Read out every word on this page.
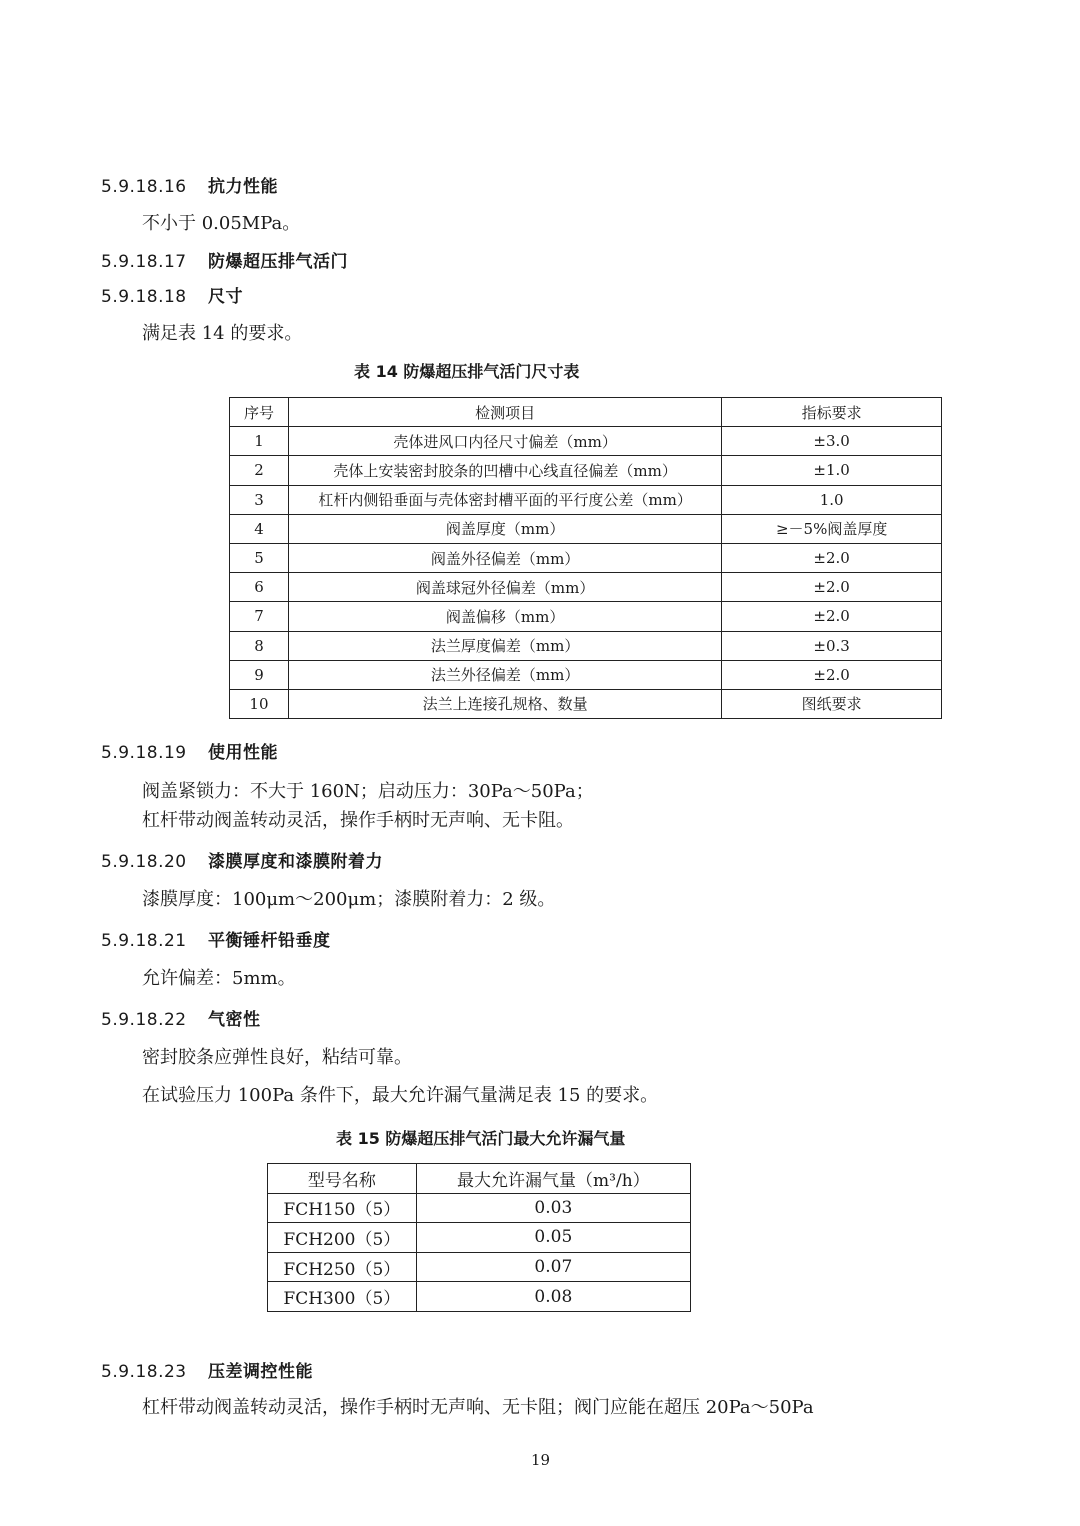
5.9.18.16 抗力性能
不小于 0.05MPa。
5.9.18.17 防爆超压排气活门
5.9.18.18 尺寸
满足表 14 的要求。
表 14 防爆超压排气活门尺寸表
序号	检测项目	指标要求
1	壳体进风口内径尺寸偏差（mm）	±3.0
2	壳体上安装密封胶条的凹槽中心线直径偏差（mm）	±1.0
3	杠杆内侧铅垂面与壳体密封槽平面的平行度公差（mm）	1.0
4	阀盖厚度（mm）	≥－5%阀盖厚度
5	阀盖外径偏差（mm）	±2.0
6	阀盖球冠外径偏差（mm）	±2.0
7	阀盖偏移（mm）	±2.0
8	法兰厚度偏差（mm）	±0.3
9	法兰外径偏差（mm）	±2.0
10	法兰上连接孔规格、数量	图纸要求
5.9.18.19 使用性能
阀盖紧锁力：不大于 160N；启动压力：30Pa～50Pa；
杠杆带动阀盖转动灵活，操作手柄时无声响、无卡阻。
5.9.18.20 漆膜厚度和漆膜附着力
漆膜厚度：100μm～200μm；漆膜附着力：2 级。
5.9.18.21 平衡锤杆铅垂度
允许偏差：5mm。
5.9.18.22 气密性
密封胶条应弹性良好，粘结可靠。
在试验压力 100Pa 条件下，最大允许漏气量满足表 15 的要求。
表 15 防爆超压排气活门最大允许漏气量
型号名称	最大允许漏气量（m³/h）
FCH150（5）	0.03
FCH200（5）	0.05
FCH250（5）	0.07
FCH300（5）	0.08
5.9.18.23 压差调控性能
杠杆带动阀盖转动灵活，操作手柄时无声响、无卡阻；阀门应能在超压 20Pa～50Pa
19
